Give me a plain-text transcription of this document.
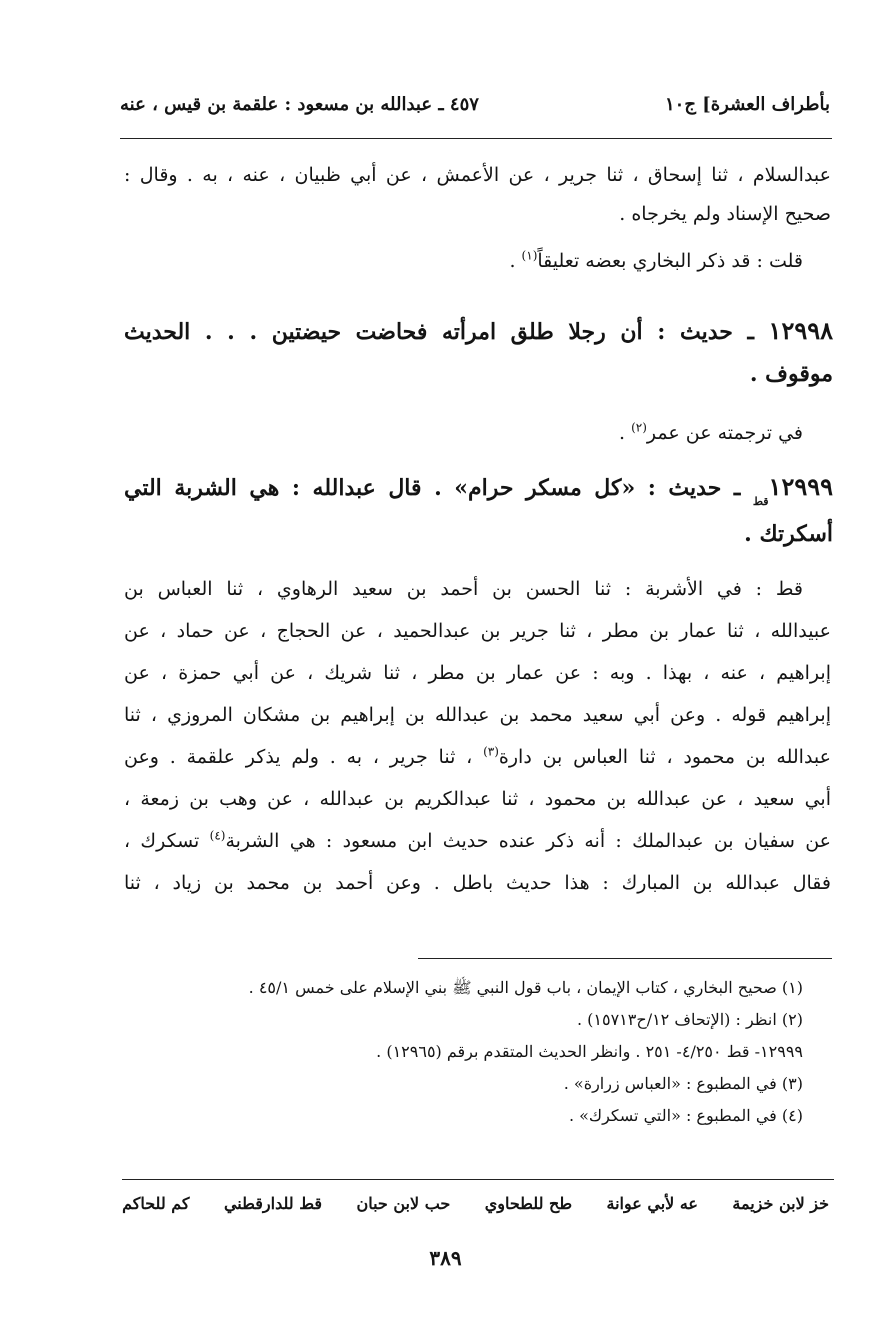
بأطراف العشرة] ج١٠
٤٥٧ ـ عبدالله بن مسعود : علقمة بن قيس ، عنه
عبدالسلام ، ثنا إسحاق ، ثنا جرير ، عن الأعمش ، عن أبي ظبيان ، عنه ، به . وقال :
صحيح الإسناد ولم يخرجاه .
قلت : قد ذكر البخاري بعضه تعليقاً$^{(١)}$ .
١٢٩٩٨ ـ حديث : أن رجلا طلق امرأته فحاضت حيضتين . . . الحديث
موقوف .
في ترجمته عن عمر$^{(٢)}$ .
$١٢٩٩٩_{قط}$ ـ حديث : «كل مسكر حرام» . قال عبدالله : هي الشربة التي
أسكرتك .
قط : في الأشربة : ثنا الحسن بن أحمد بن سعيد الرهاوي ، ثنا العباس بن
عبيدالله ، ثنا عمار بن مطر ، ثنا جرير بن عبدالحميد ، عن الحجاج ، عن حماد ، عن
إبراهيم ، عنه ، بهذا . وبه : عن عمار بن مطر ، ثنا شريك ، عن أبي حمزة ، عن
إبراهيم قوله . وعن أبي سعيد محمد بن عبدالله بن إبراهيم بن مشكان المروزي ، ثنا
عبدالله بن محمود ، ثنا العباس بن دارة$^{(٣)}$ ، ثنا جرير ، به . ولم يذكر علقمة . وعن
أبي سعيد ، عن عبدالله بن محمود ، ثنا عبدالكريم بن عبدالله ، عن وهب بن زمعة ،
عن سفيان بن عبدالملك : أنه ذكر عنده حديث ابن مسعود : هي الشربة$^{(٤)}$ تسكرك ،
فقال عبدالله بن المبارك : هذا حديث باطل . وعن أحمد بن محمد بن زياد ، ثنا
(١) صحيح البخاري ، كتاب الإيمان ، باب قول النبي ﷺ بني الإسلام على خمس ٤٥/١ .
(٢) انظر : (الإتحاف ١٢/ح١٥٧١٣) .
١٢٩٩٩- قط ٤/٢٥٠- ٢٥١ . وانظر الحديث المتقدم برقم (١٢٩٦٥) .
(٣) في المطبوع : «العباس زرارة» .
(٤) في المطبوع : «التي تسكرك» .
خز لابن خزيمة
عه لأبي عوانة
طح للطحاوي
حب لابن حبان
قط للدارقطني
كم للحاكم
٣٨٩
